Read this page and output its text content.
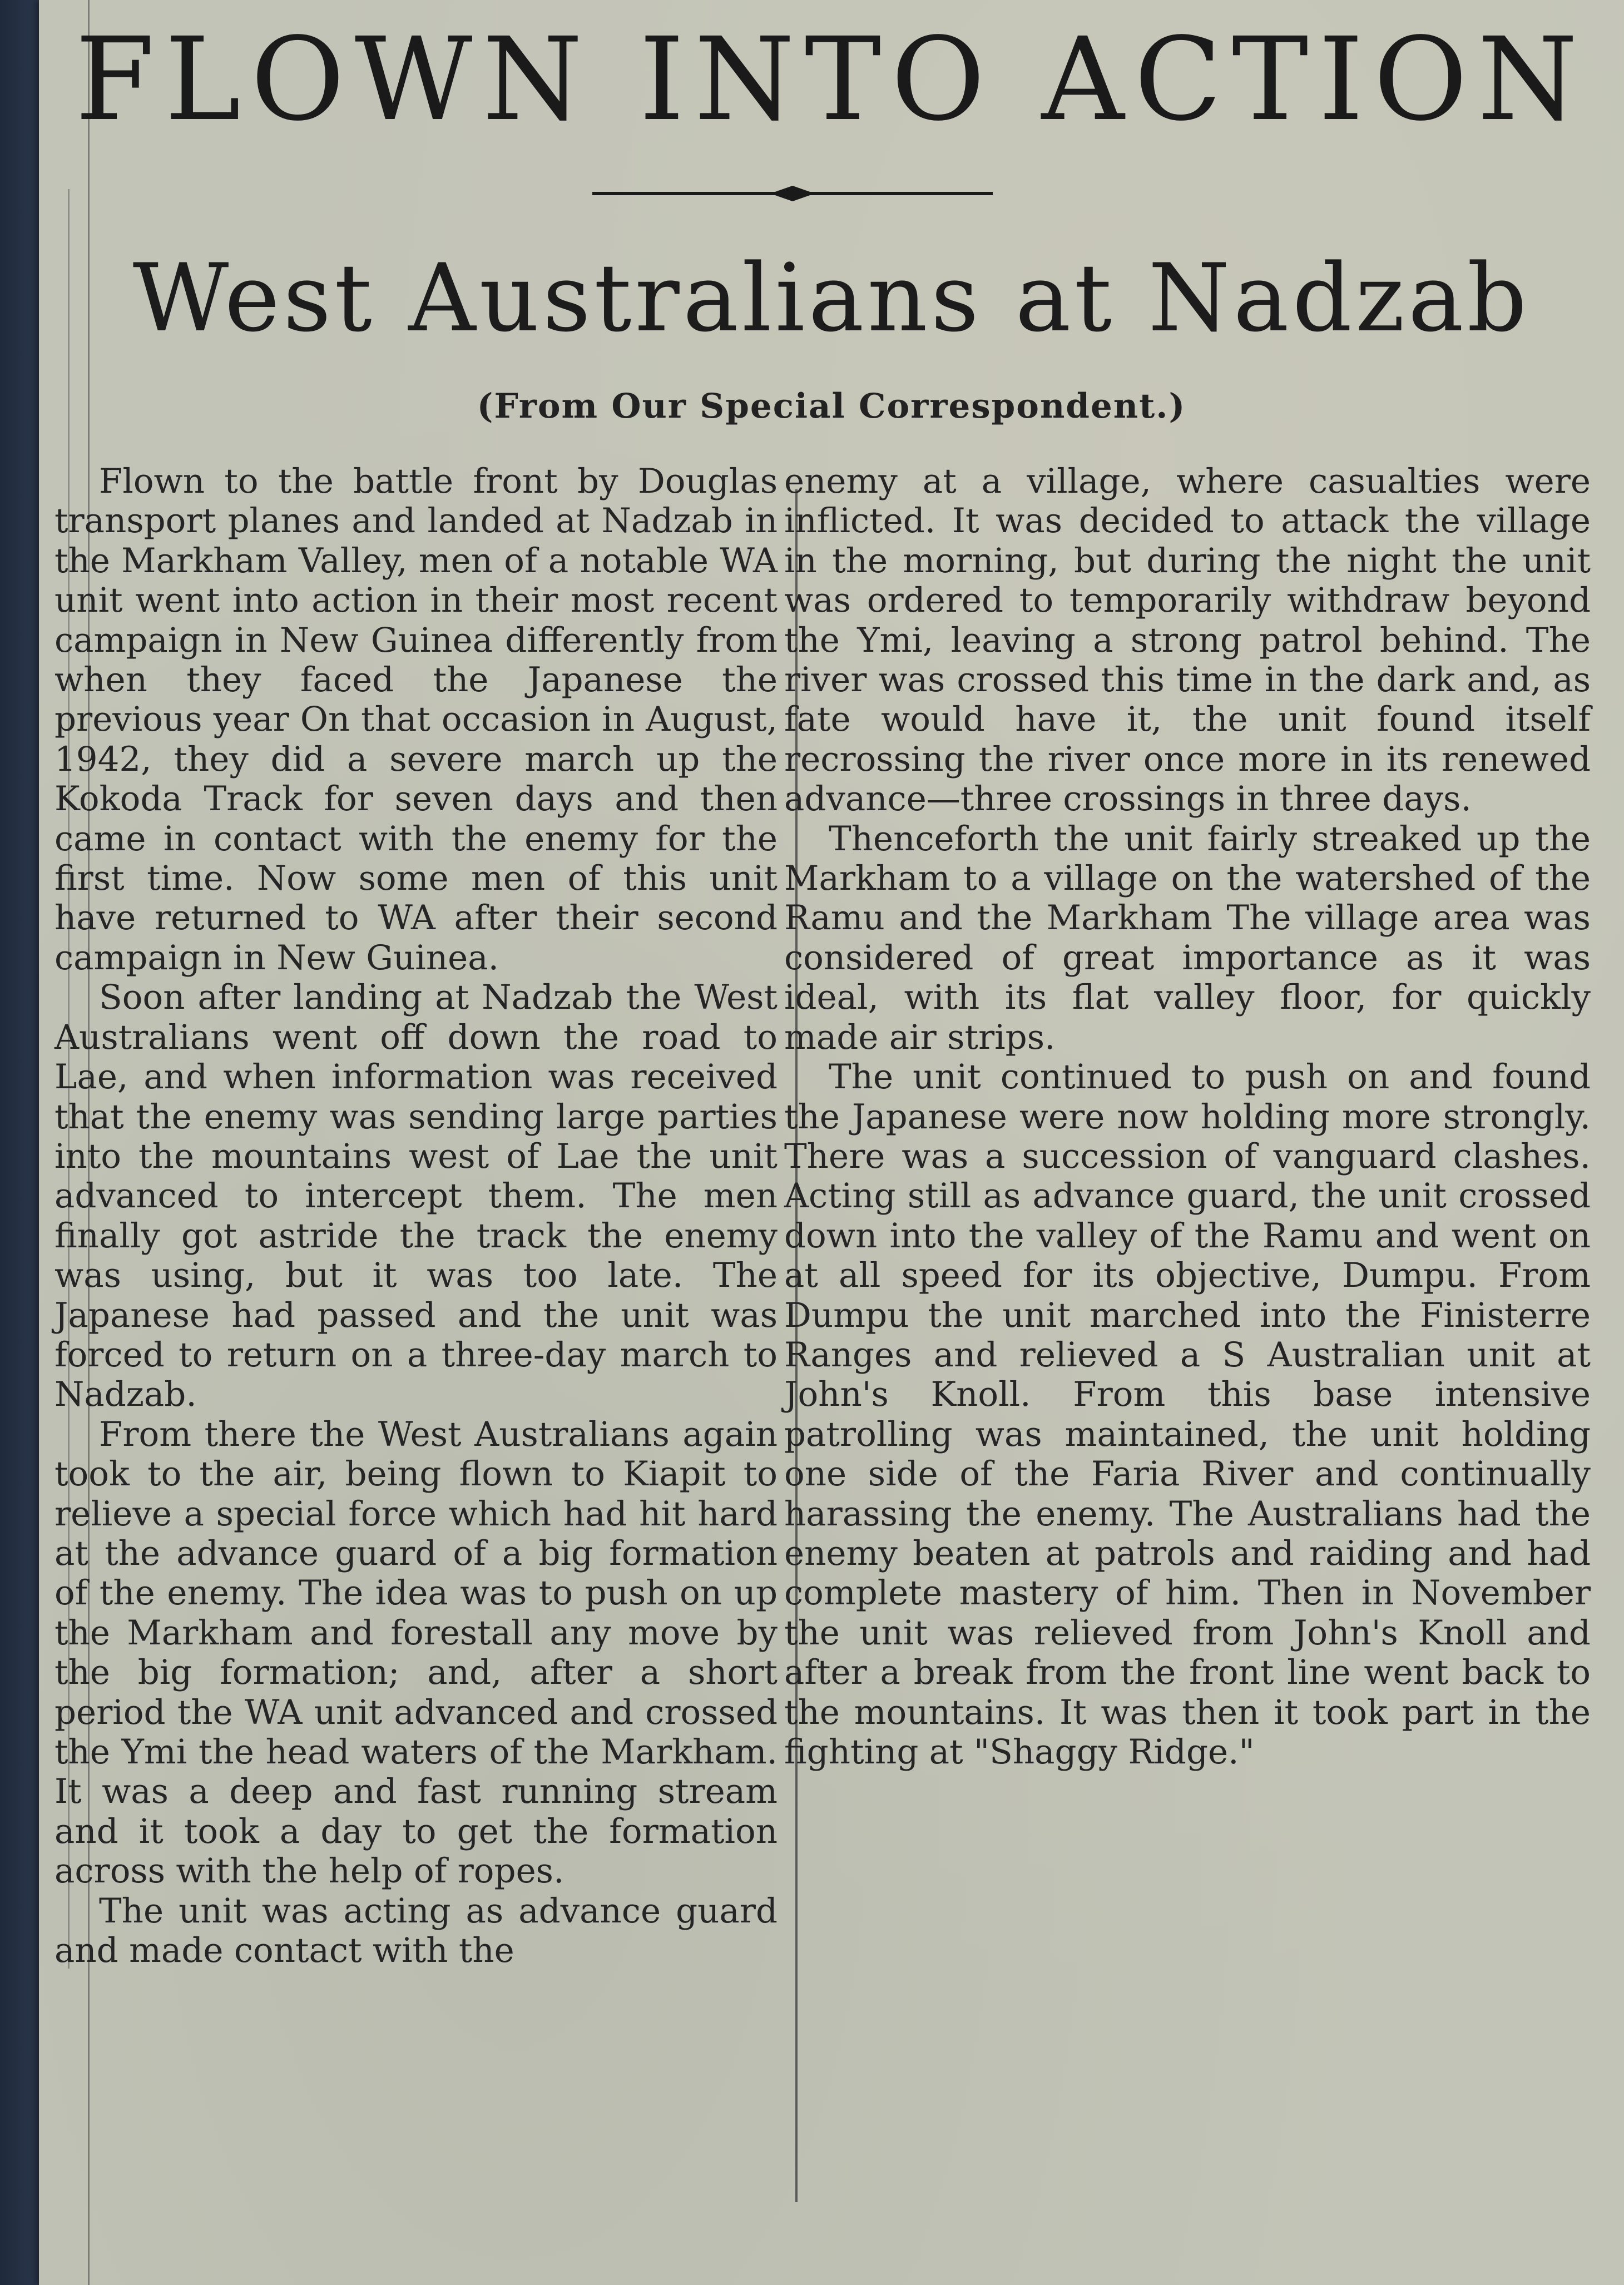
FLOWN INTO ACTION
West Australians at Nadzab
(From Our Special Correspondent.)

Flown to the battle front by Douglas transport planes and landed at Nadzab in the Markham Valley, men of a notable WA unit went into action in their most recent campaign in New Guinea differently from when they faced the Japanese the previous year On that occasion in August, 1942, they did a severe march up the Kokoda Track for seven days and then came in contact with the enemy for the first time. Now some men of this unit have returned to WA after their second campaign in New Guinea.

Soon after landing at Nadzab the West Australians went off down the road to Lae, and when information was received that the enemy was sending large parties into the mountains west of Lae the unit advanced to intercept them. The men finally got astride the track the enemy was using, but it was too late. The Japanese had passed and the unit was forced to return on a three-day march to Nadzab.

From there the West Australians again took to the air, being flown to Kiapit to relieve a special force which had hit hard at the advance guard of a big formation of the enemy. The idea was to push on up the Markham and forestall any move by the big formation; and, after a short period the WA unit advanced and crossed the Ymi the head waters of the Markham. It was a deep and fast running stream and it took a day to get the formation across with the help of ropes.

The unit was acting as advance guard and made contact with the

enemy at a village, where casualties were inflicted. It was decided to attack the village in the morning, but during the night the unit was ordered to temporarily withdraw beyond the Ymi, leaving a strong patrol behind. The river was crossed this time in the dark and, as fate would have it, the unit found itself recrossing the river once more in its renewed advance—three crossings in three days.

Thenceforth the unit fairly streaked up the Markham to a village on the watershed of the Ramu and the Markham The village area was considered of great importance as it was ideal, with its flat valley floor, for quickly made air strips.

The unit continued to push on and found the Japanese were now holding more strongly. There was a succession of vanguard clashes. Acting still as advance guard, the unit crossed down into the valley of the Ramu and went on at all speed for its objective, Dumpu. From Dumpu the unit marched into the Finisterre Ranges and relieved a S Australian unit at John's Knoll. From this base intensive patrolling was maintained, the unit holding one side of the Faria River and continually harassing the enemy. The Australians had the enemy beaten at patrols and raiding and had complete mastery of him. Then in November the unit was relieved from John's Knoll and after a break from the front line went back to the mountains. It was then it took part in the fighting at "Shaggy Ridge."
